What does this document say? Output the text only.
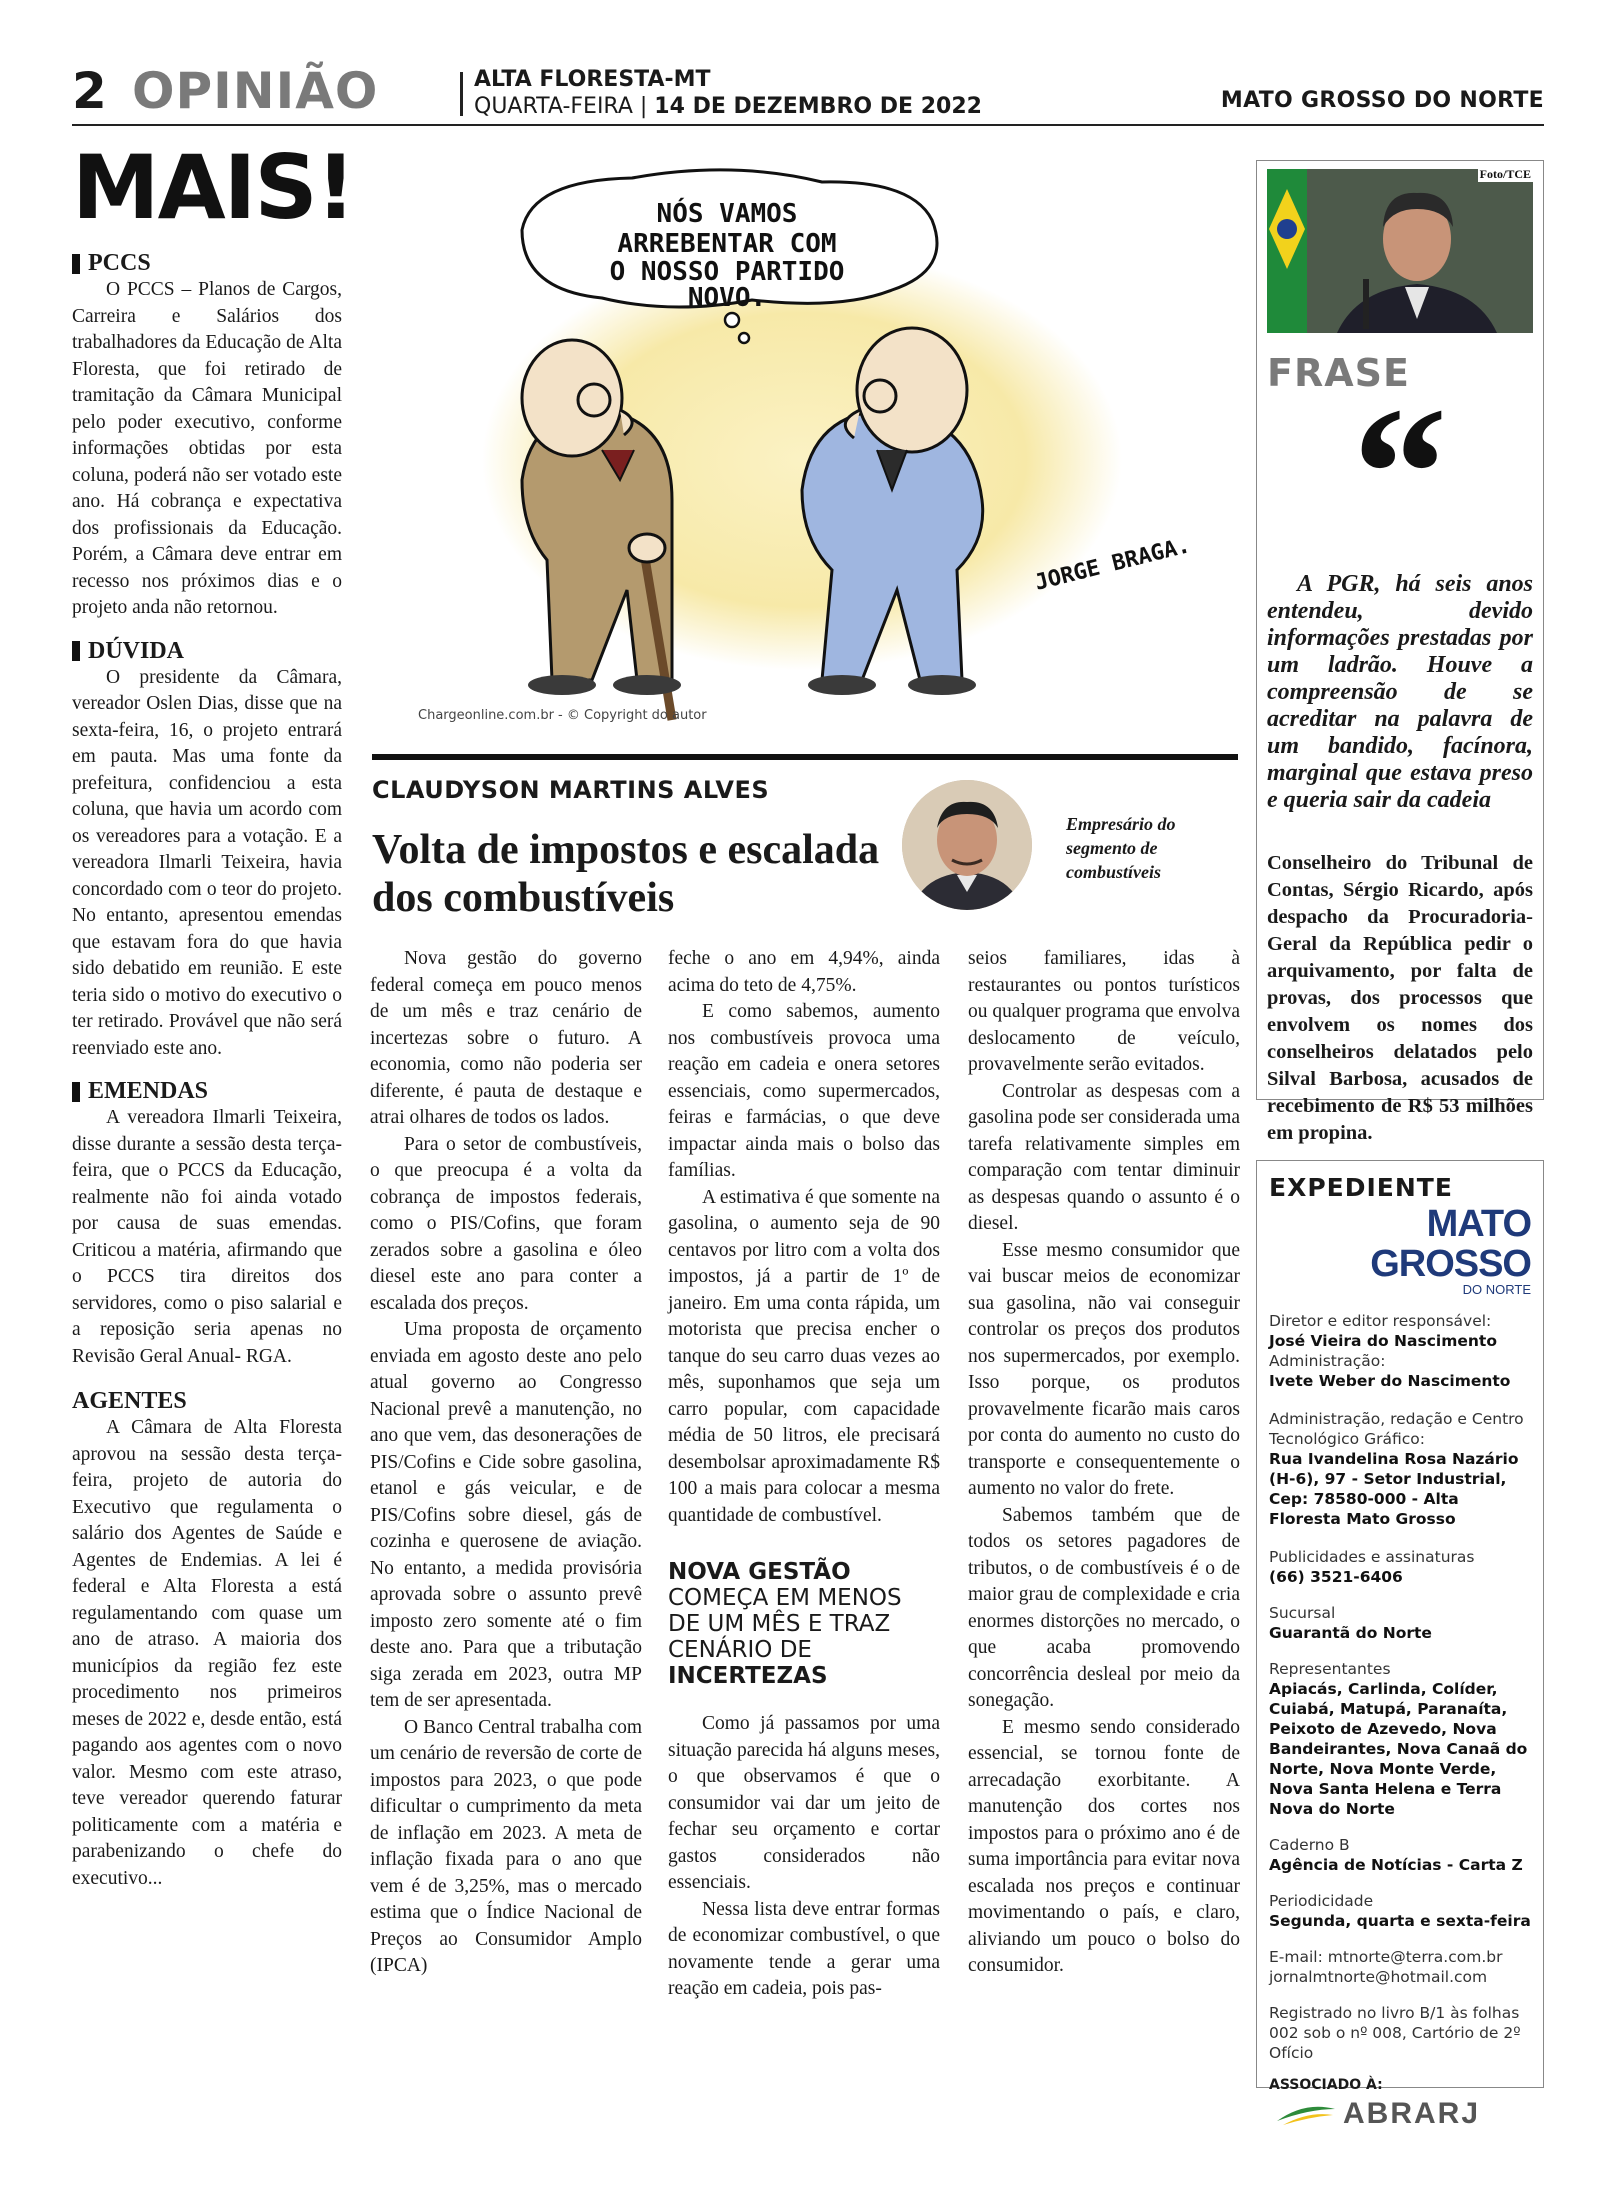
2 OPINIÃO	ALTA FLORESTA-MT
QUARTA-FEIRA | 14 DE DEZEMBRO DE 2022	MATO GROSSO DO NORTE
MAIS!
PCCS

O PCCS – Planos de Cargos, Carreira e Salários dos trabalhadores da Educação de Alta Floresta, que foi retirado de tramitação da Câmara Municipal pelo poder executivo, conforme informações obtidas por esta coluna, poderá não ser votado este ano. Há cobrança e expectativa dos profissionais da Educação. Porém, a Câmara deve entrar em recesso nos próximos dias e o projeto anda não retornou.

DÚVIDA

O presidente da Câmara, vereador Oslen Dias, disse que na sexta-feira, 16, o projeto entrará em pauta. Mas uma fonte da prefeitura, confidenciou a esta coluna, que havia um acordo com os vereadores para a votação. E a vereadora Ilmarli Teixeira, havia concordado com o teor do projeto. No entanto, apresentou emendas que estavam fora do que havia sido debatido em reunião. E este teria sido o motivo do executivo o ter retirado. Provável que não será reenviado este ano.

EMENDAS

A vereadora Ilmarli Teixeira, disse durante a sessão desta terça-feira, que o PCCS da Educação, realmente não foi ainda votado por causa de suas emendas. Criticou a matéria, afirmando que o PCCS tira direitos dos servidores, como o piso salarial e a reposição seria apenas no Revisão Geral Anual- RGA.

AGENTES

A Câmara de Alta Floresta aprovou na sessão desta terça-feira, projeto de autoria do Executivo que regulamenta o salário dos Agentes de Saúde e Agentes de Endemias. A lei é federal e Alta Floresta a está regulamentando com quase um ano de atraso. A maioria dos municípios da região fez este procedimento nos primeiros meses de 2022 e, desde então, está pagando aos agentes com o novo valor. Mesmo com este atraso, teve vereador querendo faturar politicamente com a matéria e parabenizando o chefe do executivo...

NÓS VAMOS
ARREBENTAR COM
O NOSSO PARTIDO
NOVO.
JORGE BRAGA.
Chargeonline.com.br - © Copyright do autor
CLAUDYSON MARTINS ALVES
Volta de impostos e escalada dos combustíveis
Empresário do segmento de combustíveis

Nova gestão do governo federal começa em pouco menos de um mês e traz cenário de incertezas sobre o futuro. A economia, como não poderia ser diferente, é pauta de destaque e atrai olhares de todos os lados.

Para o setor de combustíveis, o que preocupa é a volta da cobrança de impostos federais, como o PIS/Cofins, que foram zerados sobre a gasolina e óleo diesel este ano para conter a escalada dos preços.

Uma proposta de orçamento enviada em agosto deste ano pelo atual governo ao Congresso Nacional prevê a manutenção, no ano que vem, das desonerações de PIS/Cofins e Cide sobre gasolina, etanol e gás veicular, e de PIS/Cofins sobre diesel, gás de cozinha e querosene de aviação. No entanto, a medida provisória aprovada sobre o assunto prevê imposto zero somente até o fim deste ano. Para que a tributação siga zerada em 2023, outra MP tem de ser apresentada.

O Banco Central trabalha com um cenário de reversão de corte de impostos para 2023, o que pode dificultar o cumprimento da meta de inflação em 2023. A meta de inflação fixada para o ano que vem é de 3,25%, mas o mercado estima que o Índice Nacional de Preços ao Consumidor Amplo (IPCA)

feche o ano em 4,94%, ainda acima do teto de 4,75%.

E como sabemos, aumento nos combustíveis provoca uma reação em cadeia e onera setores essenciais, como supermercados, feiras e farmácias, o que deve impactar ainda mais o bolso das famílias.

A estimativa é que somente na gasolina, o aumento seja de 90 centavos por litro com a volta dos impostos, já a partir de 1º de janeiro. Em uma conta rápida, um motorista que precisa encher o tanque do seu carro duas vezes ao mês, suponhamos que seja um carro popular, com capacidade média de 50 litros, ele precisará desembolsar aproximadamente R$ 100 a mais para colocar a mesma quantidade de combustível.

NOVA GESTÃO
COMEÇA EM MENOS DE UM MÊS E TRAZ CENÁRIO DE
INCERTEZAS

Como já passamos por uma situação parecida há alguns meses, o que observamos é que o consumidor vai dar um jeito de fechar seu orçamento e cortar gastos considerados não essenciais.

Nessa lista deve entrar formas de economizar combustível, o que novamente tende a gerar uma reação em cadeia, pois pas-

seios familiares, idas à restaurantes ou pontos turísticos ou qualquer programa que envolva deslocamento de veículo, provavelmente serão evitados.

Controlar as despesas com a gasolina pode ser considerada uma tarefa relativamente simples em comparação com tentar diminuir as despesas quando o assunto é o diesel.

Esse mesmo consumidor que vai buscar meios de economizar sua gasolina, não vai conseguir controlar os preços dos produtos nos supermercados, por exemplo. Isso porque, os produtos provavelmente ficarão mais caros por conta do aumento no custo do transporte e consequentemente o aumento no valor do frete.

Sabemos também que de todos os setores pagadores de tributos, o de combustíveis é o de maior grau de complexidade e cria enormes distorções no mercado, o que acaba promovendo concorrência desleal por meio da sonegação.

E mesmo sendo considerado essencial, se tornou fonte de arrecadação exorbitante. A manutenção dos cortes nos impostos para o próximo ano é de suma importância para evitar nova escalada nos preços e continuar movimentando o país, e claro, aliviando um pouco o bolso do consumidor.

Foto/TCE
FRASE
“

A PGR, há seis anos entendeu, devido informações prestadas por um ladrão. Houve a compreensão de se acreditar na palavra de um bandido, facínora, marginal que estava preso e queria sair da cadeia

Conselheiro do Tribunal de Contas, Sérgio Ricardo, após despacho da Procuradoria-Geral da República pedir o arquivamento, por falta de provas, dos processos que envolvem os nomes dos conselheiros delatados pelo Silval Barbosa, acusados de recebimento de R$ 53 milhões em propina.

EXPEDIENTE
MATO GROSSO
DO NORTE
Diretor e editor responsável:
José Vieira do Nascimento
Administração:
Ivete Weber do Nascimento
Administração, redação e Centro Tecnológico Gráfico:
Rua Ivandelina Rosa Nazário (H-6), 97 - Setor Industrial, Cep: 78580-000 - Alta Floresta Mato Grosso
Publicidades e assinaturas
(66) 3521-6406
Sucursal
Guarantã do Norte
Representantes
Apiacás, Carlinda, Colíder, Cuiabá, Matupá, Paranaíta, Peixoto de Azevedo, Nova Bandeirantes, Nova Canaã do Norte, Nova Monte Verde, Nova Santa Helena e Terra Nova do Norte
Caderno B
Agência de Notícias - Carta Z
Periodicidade
Segunda, quarta e sexta-feira
E-mail: mtnorte@terra.com.br
jornalmtnorte@hotmail.com
Registrado no livro B/1 às folhas 002 sob o nº 008, Cartório de 2º Ofício
ASSOCIADO À:
ABRARJ
